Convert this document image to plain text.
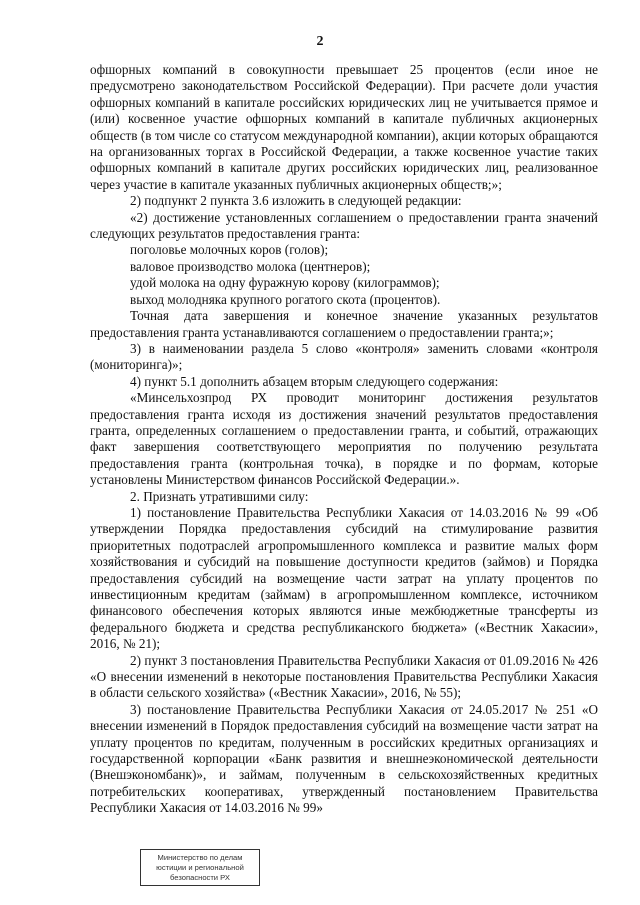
2

офшорных компаний в совокупности превышает 25 процентов (если иное не предусмотрено законодательством Российской Федерации). При расчете доли участия офшорных компаний в капитале российских юридических лиц не учитывается прямое и (или) косвенное участие офшорных компаний в капитале публичных акционерных обществ (в том числе со статусом международной компании), акции которых обращаются на организованных торгах в Российской Федерации, а также косвенное участие таких офшорных компаний в капитале других российских юридических лиц, реализованное через участие в капитале указанных публичных акционерных обществ;»;

2) подпункт 2 пункта 3.6 изложить в следующей редакции:

«2) достижение установленных соглашением о предоставлении гранта значений следующих результатов предоставления гранта:

поголовье молочных коров (голов);

валовое производство молока (центнеров);

удой молока на одну фуражную корову (килограммов);

выход молодняка крупного рогатого скота (процентов).

Точная дата завершения и конечное значение указанных результатов предоставления гранта устанавливаются соглашением о предоставлении гранта;»;

3) в наименовании раздела 5 слово «контроля» заменить словами «контроля (мониторинга)»;

4) пункт 5.1 дополнить абзацем вторым следующего содержания:

«Минсельхозпрод РХ проводит мониторинг достижения результатов предоставления гранта исходя из достижения значений результатов предоставления гранта, определенных соглашением о предоставлении гранта, и событий, отражающих факт завершения соответствующего мероприятия по получению результата предоставления гранта (контрольная точка), в порядке и по формам, которые установлены Министерством финансов Российской Федерации.».

2. Признать утратившими силу:

1) постановление Правительства Республики Хакасия от 14.03.2016 № 99 «Об утверждении Порядка предоставления субсидий на стимулирование развития приоритетных подотраслей агропромышленного комплекса и развитие малых форм хозяйствования и субсидий на повышение доступности кредитов (займов) и Порядка предоставления субсидий на возмещение части затрат на уплату процентов по инвестиционным кредитам (займам) в агропромышленном комплексе, источником финансового обеспечения которых являются иные межбюджетные трансферты из федерального бюджета и средства республиканского бюджета» («Вестник Хакасии», 2016, № 21);

2) пункт 3 постановления Правительства Республики Хакасия от 01.09.2016 № 426 «О внесении изменений в некоторые постановления Правительства Республики Хакасия в области сельского хозяйства» («Вестник Хакасии», 2016, № 55);

3) постановление Правительства Республики Хакасия от 24.05.2017 № 251 «О внесении изменений в Порядок предоставления субсидий на возмещение части затрат на уплату процентов по кредитам, полученным в российских кредитных организациях и государственной корпорации «Банк развития и внешнеэкономической деятельности (Внешэкономбанк)», и займам, полученным в сельскохозяйственных кредитных потребительских кооперативах, утвержденный постановлением Правительства Республики Хакасия от 14.03.2016 № 99»

Министерство по делам
юстиции и региональной
безопасности РХ
